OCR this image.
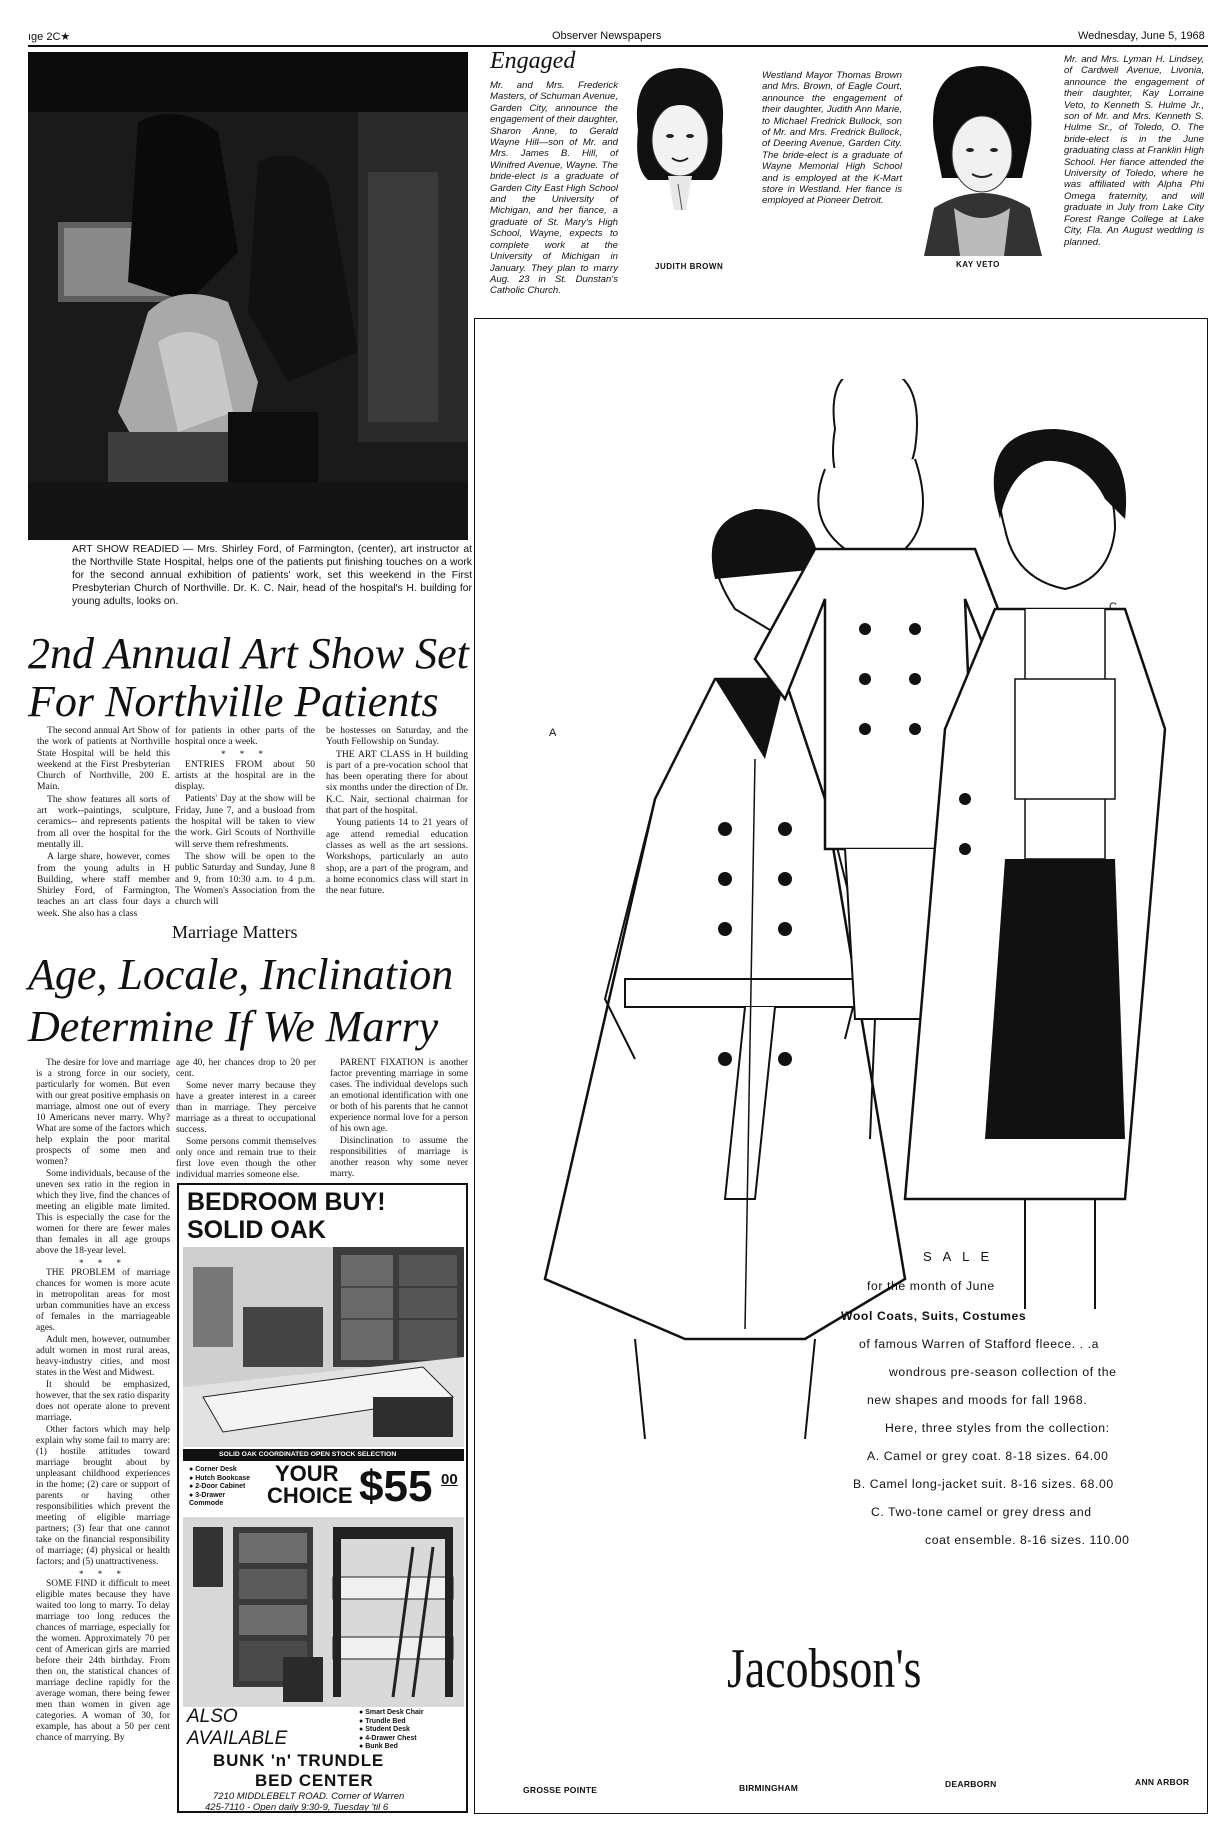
ıge 2C★	Observer Newspapers	Wednesday, June 5, 1968
ART SHOW READIED — Mrs. Shirley Ford, of Farmington, (center), art instructor at the Northville State Hospital, helps one of the patients put finishing touches on a work for the second annual exhibition of patients' work, set this weekend in the First Presbyterian Church of Northville. Dr. K. C. Nair, head of the hospital's H. building for young adults, looks on.
2nd Annual Art Show Set
For Northville Patients

The second annual Art Show of the work of patients at Northville State Hospital will be held this weekend at the First Presbyterian Church of Northville, 200 E. Main.

The show features all sorts of art work--paintings, sculpture, ceramics-- and represents patients from all over the hospital for the mentally ill.

A large share, however, comes from the young adults in H Building, where staff member Shirley Ford, of Farmington, teaches an art class four days a week. She also has a class

for patients in other parts of the hospital once a week.

* * *

ENTRIES FROM about 50 artists at the hospital are in the display.

Patients' Day at the show will be Friday, June 7, and a busload from the hospital will be taken to view the work. Girl Scouts of Northville will serve them refreshments.

The show will be open to the public Saturday and Sunday, June 8 and 9, from 10:30 a.m. to 4 p.m. The Women's Association from the church will

be hostesses on Saturday, and the Youth Fellowship on Sunday.

THE ART CLASS in H building is part of a pre-vocation school that has been operating there for about six months under the direction of Dr. K.C. Nair, sectional chairman for that part of the hospital.

Young patients 14 to 21 years of age attend remedial education classes as well as the art sessions. Workshops, particularly an auto shop, are a part of the program, and a home economics class will start in the near future.

Marriage Matters
Age, Locale, Inclination
Determine If We Marry

The desire for love and marriage is a strong force in our society, particularly for women. But even with our great positive emphasis on marriage, almost one out of every 10 Americans never marry. Why? What are some of the factors which help explain the poor marital prospects of some men and women?

Some individuals, because of the uneven sex ratio in the region in which they live, find the chances of meeting an eligible mate limited. This is especially the case for the women for there are fewer males than females in all age groups above the 18-year level.

* * *

THE PROBLEM of marriage chances for women is more acute in metropolitan areas for most urban communities have an excess of females in the marriageable ages.

Adult men, however, outnumber adult women in most rural areas, heavy-industry cities, and most states in the West and Midwest.

It should be emphasized, however, that the sex ratio disparity does not operate alone to prevent marriage.

Other factors which may help explain why some fail to marry are: (1) hostile attitudes toward marriage brought about by unpleasant childhood experiences in the home; (2) care or support of parents or having other responsibilities which prevent the meeting of eligible marriage partners; (3) fear that one cannot take on the financial responsibility of marriage; (4) physical or health factors; and (5) unattractiveness.

* * *

SOME FIND it difficult to meet eligible mates because they have waited too long to marry. To delay marriage too long reduces the chances of marriage, especially for the women. Approximately 70 per cent of American girls are married before their 24th birthday. From then on, the statistical chances of marriage decline rapidly for the average woman, there being fewer men than women in given age categories. A woman of 30, for example, has about a 50 per cent chance of marrying. By

age 40, her chances drop to 20 per cent.

Some never marry because they have a greater interest in a career than in marriage. They perceive marriage as a threat to occupational success.

Some persons commit themselves only once and remain true to their first love even though the other individual marries someone else.

PARENT FIXATION is another factor preventing marriage in some cases. The individual develops such an emotional identification with one or both of his parents that he cannot experience normal love for a person of his own age.

Disinclination to assume the responsibilities of marriage is another reason why some never marry.

BEDROOM BUY!
SOLID OAK
SOLID OAK COORDINATED OPEN STOCK SELECTION
● Corner Desk
● Hutch Bookcase
● 2-Door Cabinet
● 3-Drawer Commode
YOUR
CHOICE $55 00
ALSO
AVAILABLE
● Smart Desk Chair
● Trundle Bed
● Student Desk
● 4-Drawer Chest
● Bunk Bed
BUNK 'n' TRUNDLE
BED CENTER
7210 MIDDLEBELT ROAD. Corner of Warren
425-7110 - Open daily 9:30-9, Tuesday 'til 6
Engaged
Mr. and Mrs. Frederick Masters, of Schuman Avenue, Garden City, announce the engagement of their daughter, Sharon Anne, to Gerald Wayne Hill—son of Mr. and Mrs. James B. Hill, of Winifred Avenue, Wayne. The bride-elect is a graduate of Garden City East High School and the University of Michigan, and her fiance, a graduate of St. Mary's High School, Wayne, expects to complete work at the University of Michigan in January. They plan to marry Aug. 23 in St. Dunstan's Catholic Church.
JUDITH BROWN
Westland Mayor Thomas Brown and Mrs. Brown, of Eagle Court, announce the engagement of their daughter, Judith Ann Marie, to Michael Fredrick Bullock, son of Mr. and Mrs. Fredrick Bullock, of Deering Avenue, Garden City. The bride-elect is a graduate of Wayne Memorial High School and is employed at the K-Mart store in Westland. Her fiance is employed at Pioneer Detroit.
KAY VETO
Mr. and Mrs. Lyman H. Lindsey, of Cardwell Avenue, Livonia, announce the engagement of their daughter, Kay Lorraine Veto, to Kenneth S. Hulme Jr., son of Mr. and Mrs. Kenneth S. Hulme Sr., of Toledo, O. The bride-elect is in the June graduating class at Franklin High School. Her fiance attended the University of Toledo, where he was affiliated with Alpha Phi Omega fraternity, and will graduate in July from Lake City Forest Range College at Lake City, Fla. An August wedding is planned.
A
B
C
S A L E
for the month of June
Wool Coats, Suits, Costumes
of famous Warren of Stafford fleece. . .a
wondrous pre-season collection of the
new shapes and moods for fall 1968.
Here, three styles from the collection:
A. Camel or grey coat. 8-18 sizes. 64.00
B. Camel long-jacket suit. 8-16 sizes. 68.00
C. Two-tone camel or grey dress and
coat ensemble. 8-16 sizes. 110.00
Jacobson's
GROSSE POINTE	BIRMINGHAM	DEARBORN	ANN ARBOR
